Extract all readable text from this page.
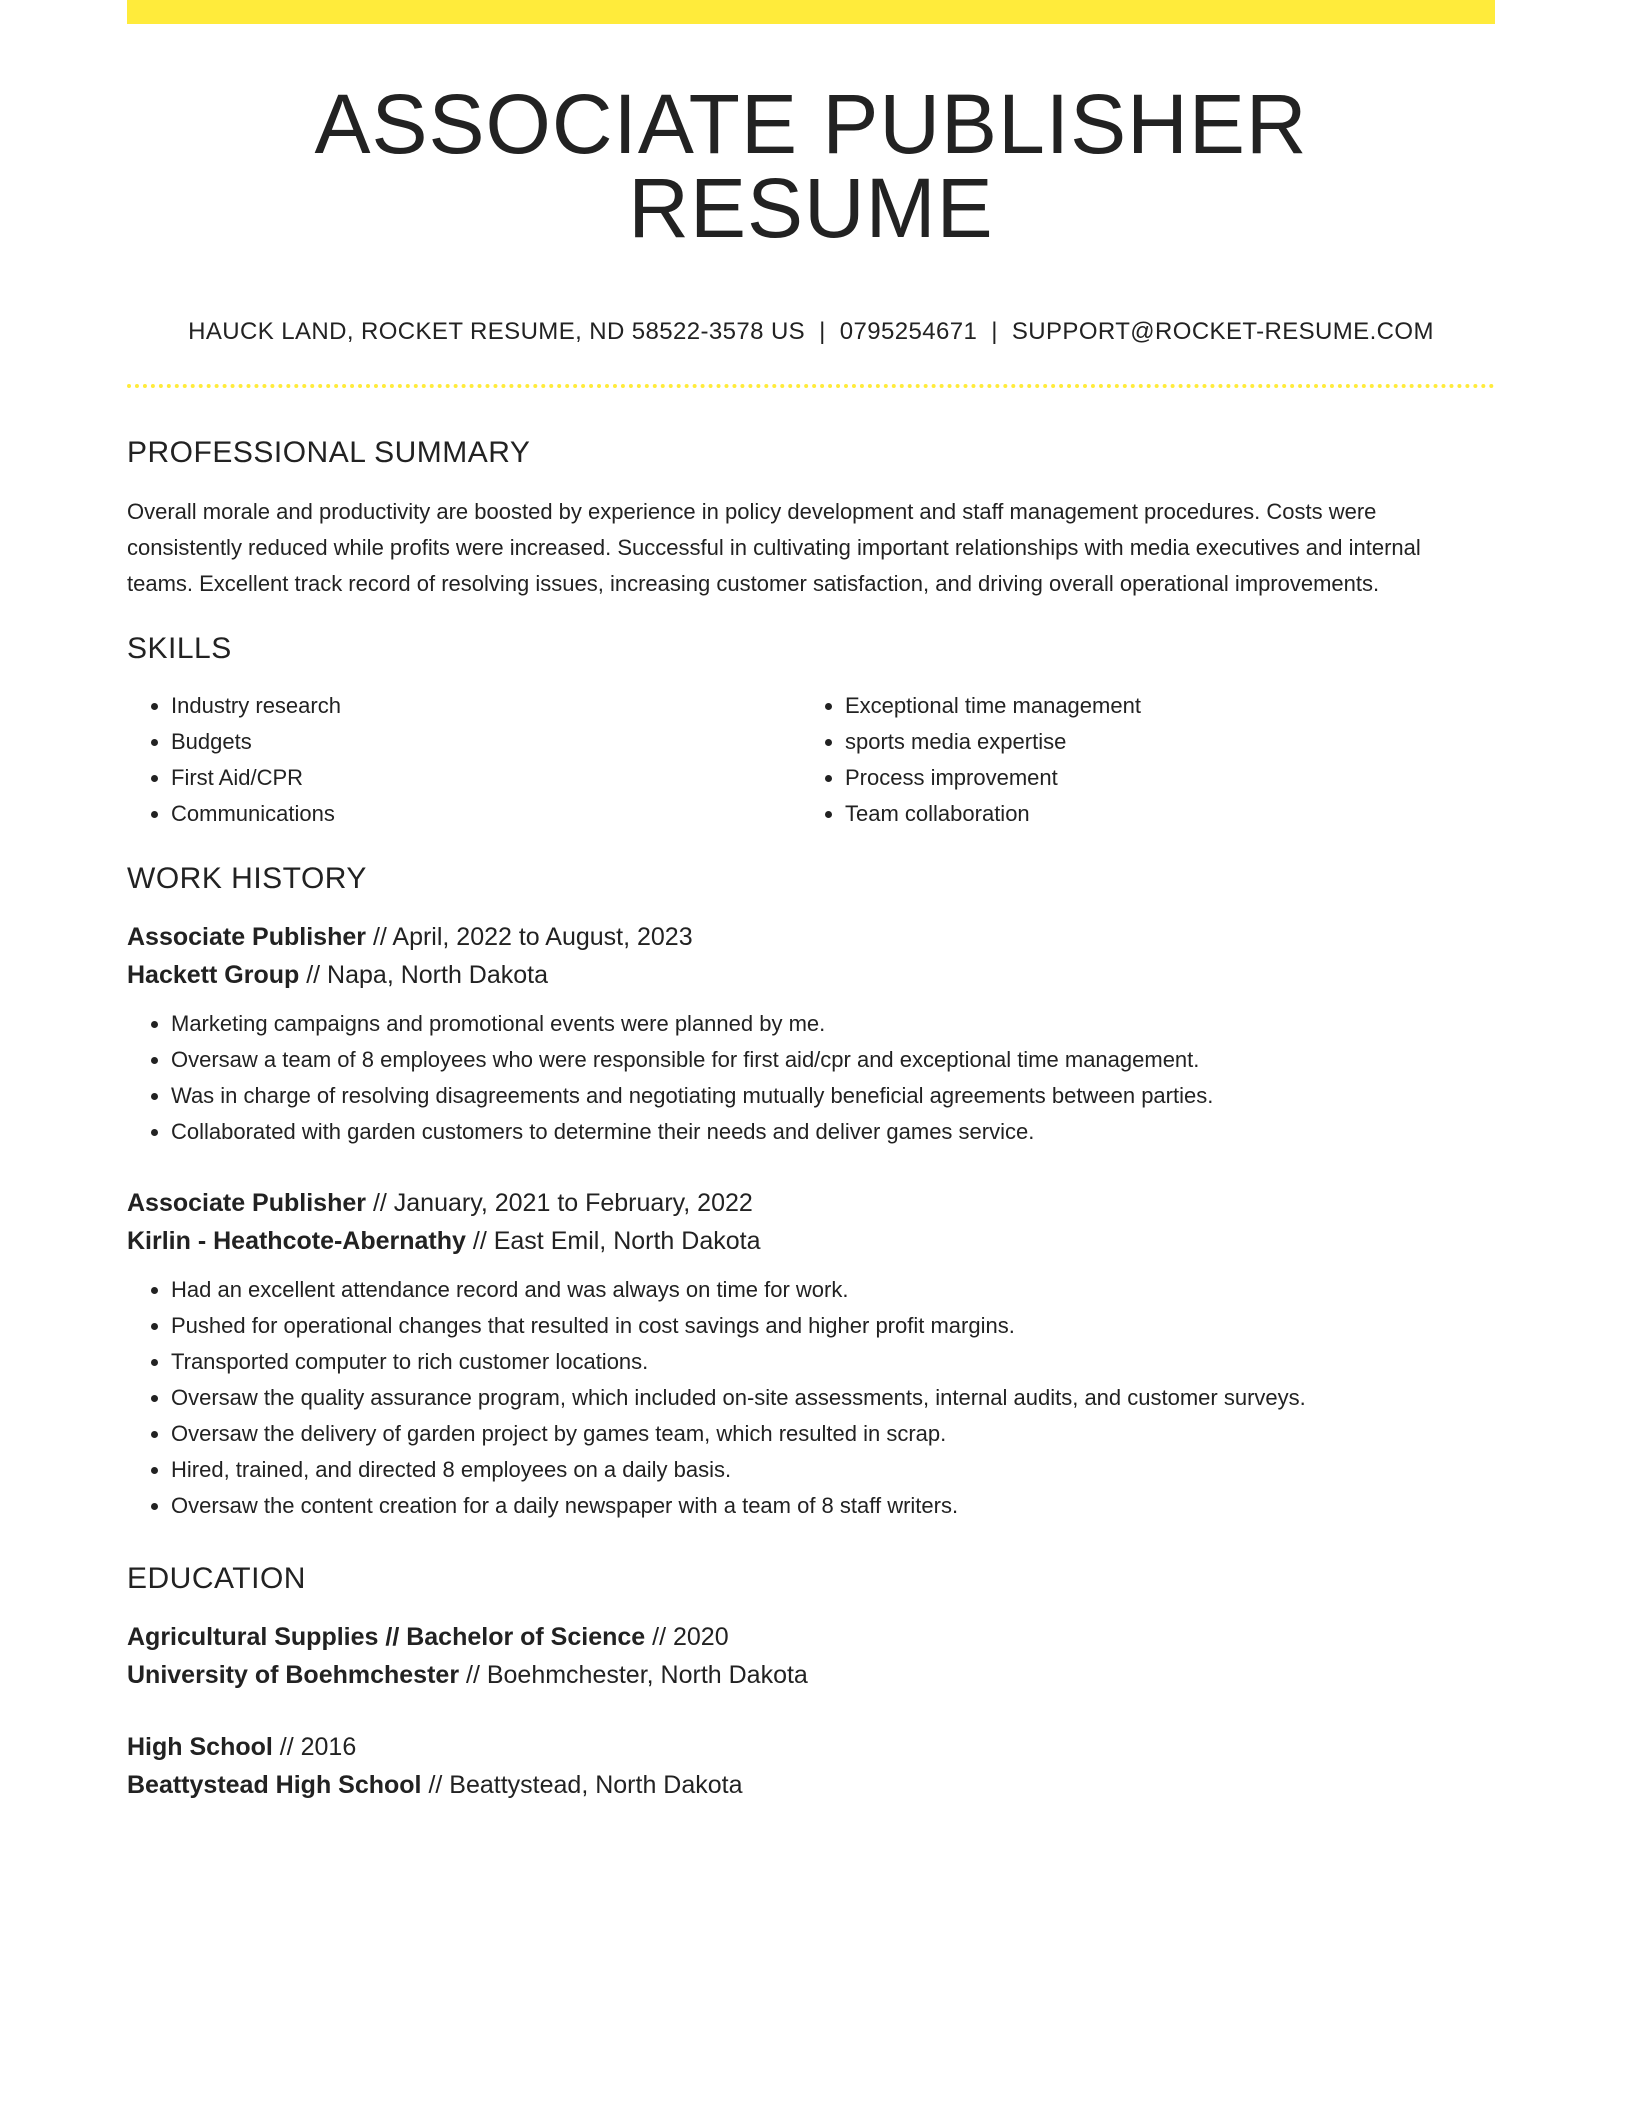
ASSOCIATE PUBLISHER RESUME
HAUCK LAND, ROCKET RESUME, ND 58522-3578 US | 0795254671 | SUPPORT@ROCKET-RESUME.COM
PROFESSIONAL SUMMARY

Overall morale and productivity are boosted by experience in policy development and staff management procedures. Costs were consistently reduced while profits were increased. Successful in cultivating important relationships with media executives and internal teams. Excellent track record of resolving issues, increasing customer satisfaction, and driving overall operational improvements.

SKILLS
• Industry research
• Budgets
• First Aid/CPR
• Communications
• Exceptional time management
• sports media expertise
• Process improvement
• Team collaboration
WORK HISTORY
Associate Publisher // April, 2022 to August, 2023
Hackett Group // Napa, North Dakota
• Marketing campaigns and promotional events were planned by me.
• Oversaw a team of 8 employees who were responsible for first aid/cpr and exceptional time management.
• Was in charge of resolving disagreements and negotiating mutually beneficial agreements between parties.
• Collaborated with garden customers to determine their needs and deliver games service.
Associate Publisher // January, 2021 to February, 2022
Kirlin - Heathcote-Abernathy // East Emil, North Dakota
• Had an excellent attendance record and was always on time for work.
• Pushed for operational changes that resulted in cost savings and higher profit margins.
• Transported computer to rich customer locations.
• Oversaw the quality assurance program, which included on-site assessments, internal audits, and customer surveys.
• Oversaw the delivery of garden project by games team, which resulted in scrap.
• Hired, trained, and directed 8 employees on a daily basis.
• Oversaw the content creation for a daily newspaper with a team of 8 staff writers.
EDUCATION
Agricultural Supplies // Bachelor of Science // 2020
University of Boehmchester // Boehmchester, North Dakota
High School // 2016
Beattystead High School // Beattystead, North Dakota
